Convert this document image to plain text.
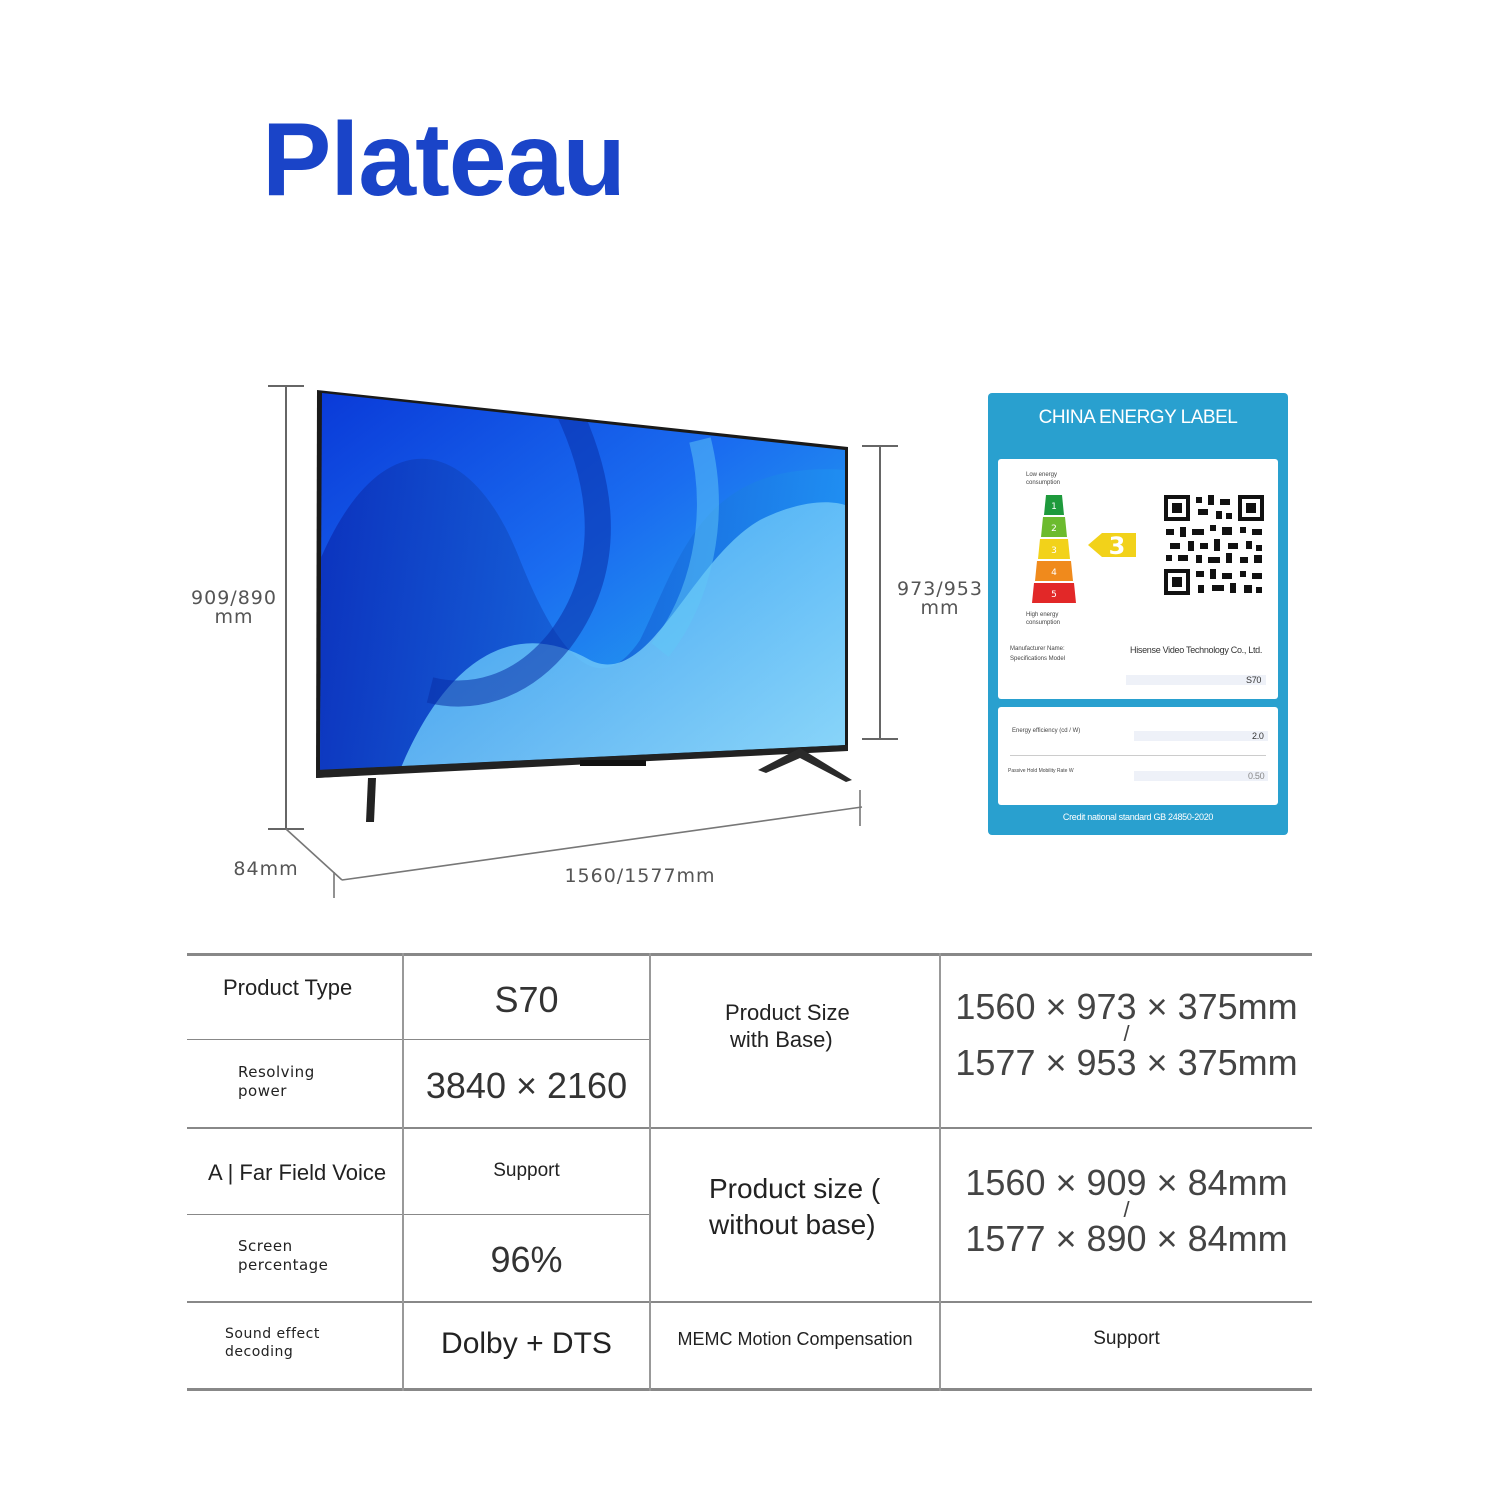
Plateau
909/890
mm
973/953
mm
84mm	1560/1577mm
CHINA ENERGY LABEL
Low energy consumption
1
2
3
4
5
3
High energy consumption
Manufacturer Name:
Specifications Model
Hisense Video Technology Co., Ltd.
S70
Energy efficiency (cd / W)	2.0
Passive Hold Mobility Rate W	0.50
Credit national standard GB 24850-2020
Product Type	S70
Resolving
power	3840 × 2160
Product Size
with Base)
1560 × 973 × 375mm
/
1577 × 953 × 375mm
A | Far Field Voice	Support
Screen
percentage	96%
Product size (
without base)
1560 × 909 × 84mm
/
1577 × 890 × 84mm
Sound effect
decoding	Dolby + DTS	MEMC Motion Compensation	Support
